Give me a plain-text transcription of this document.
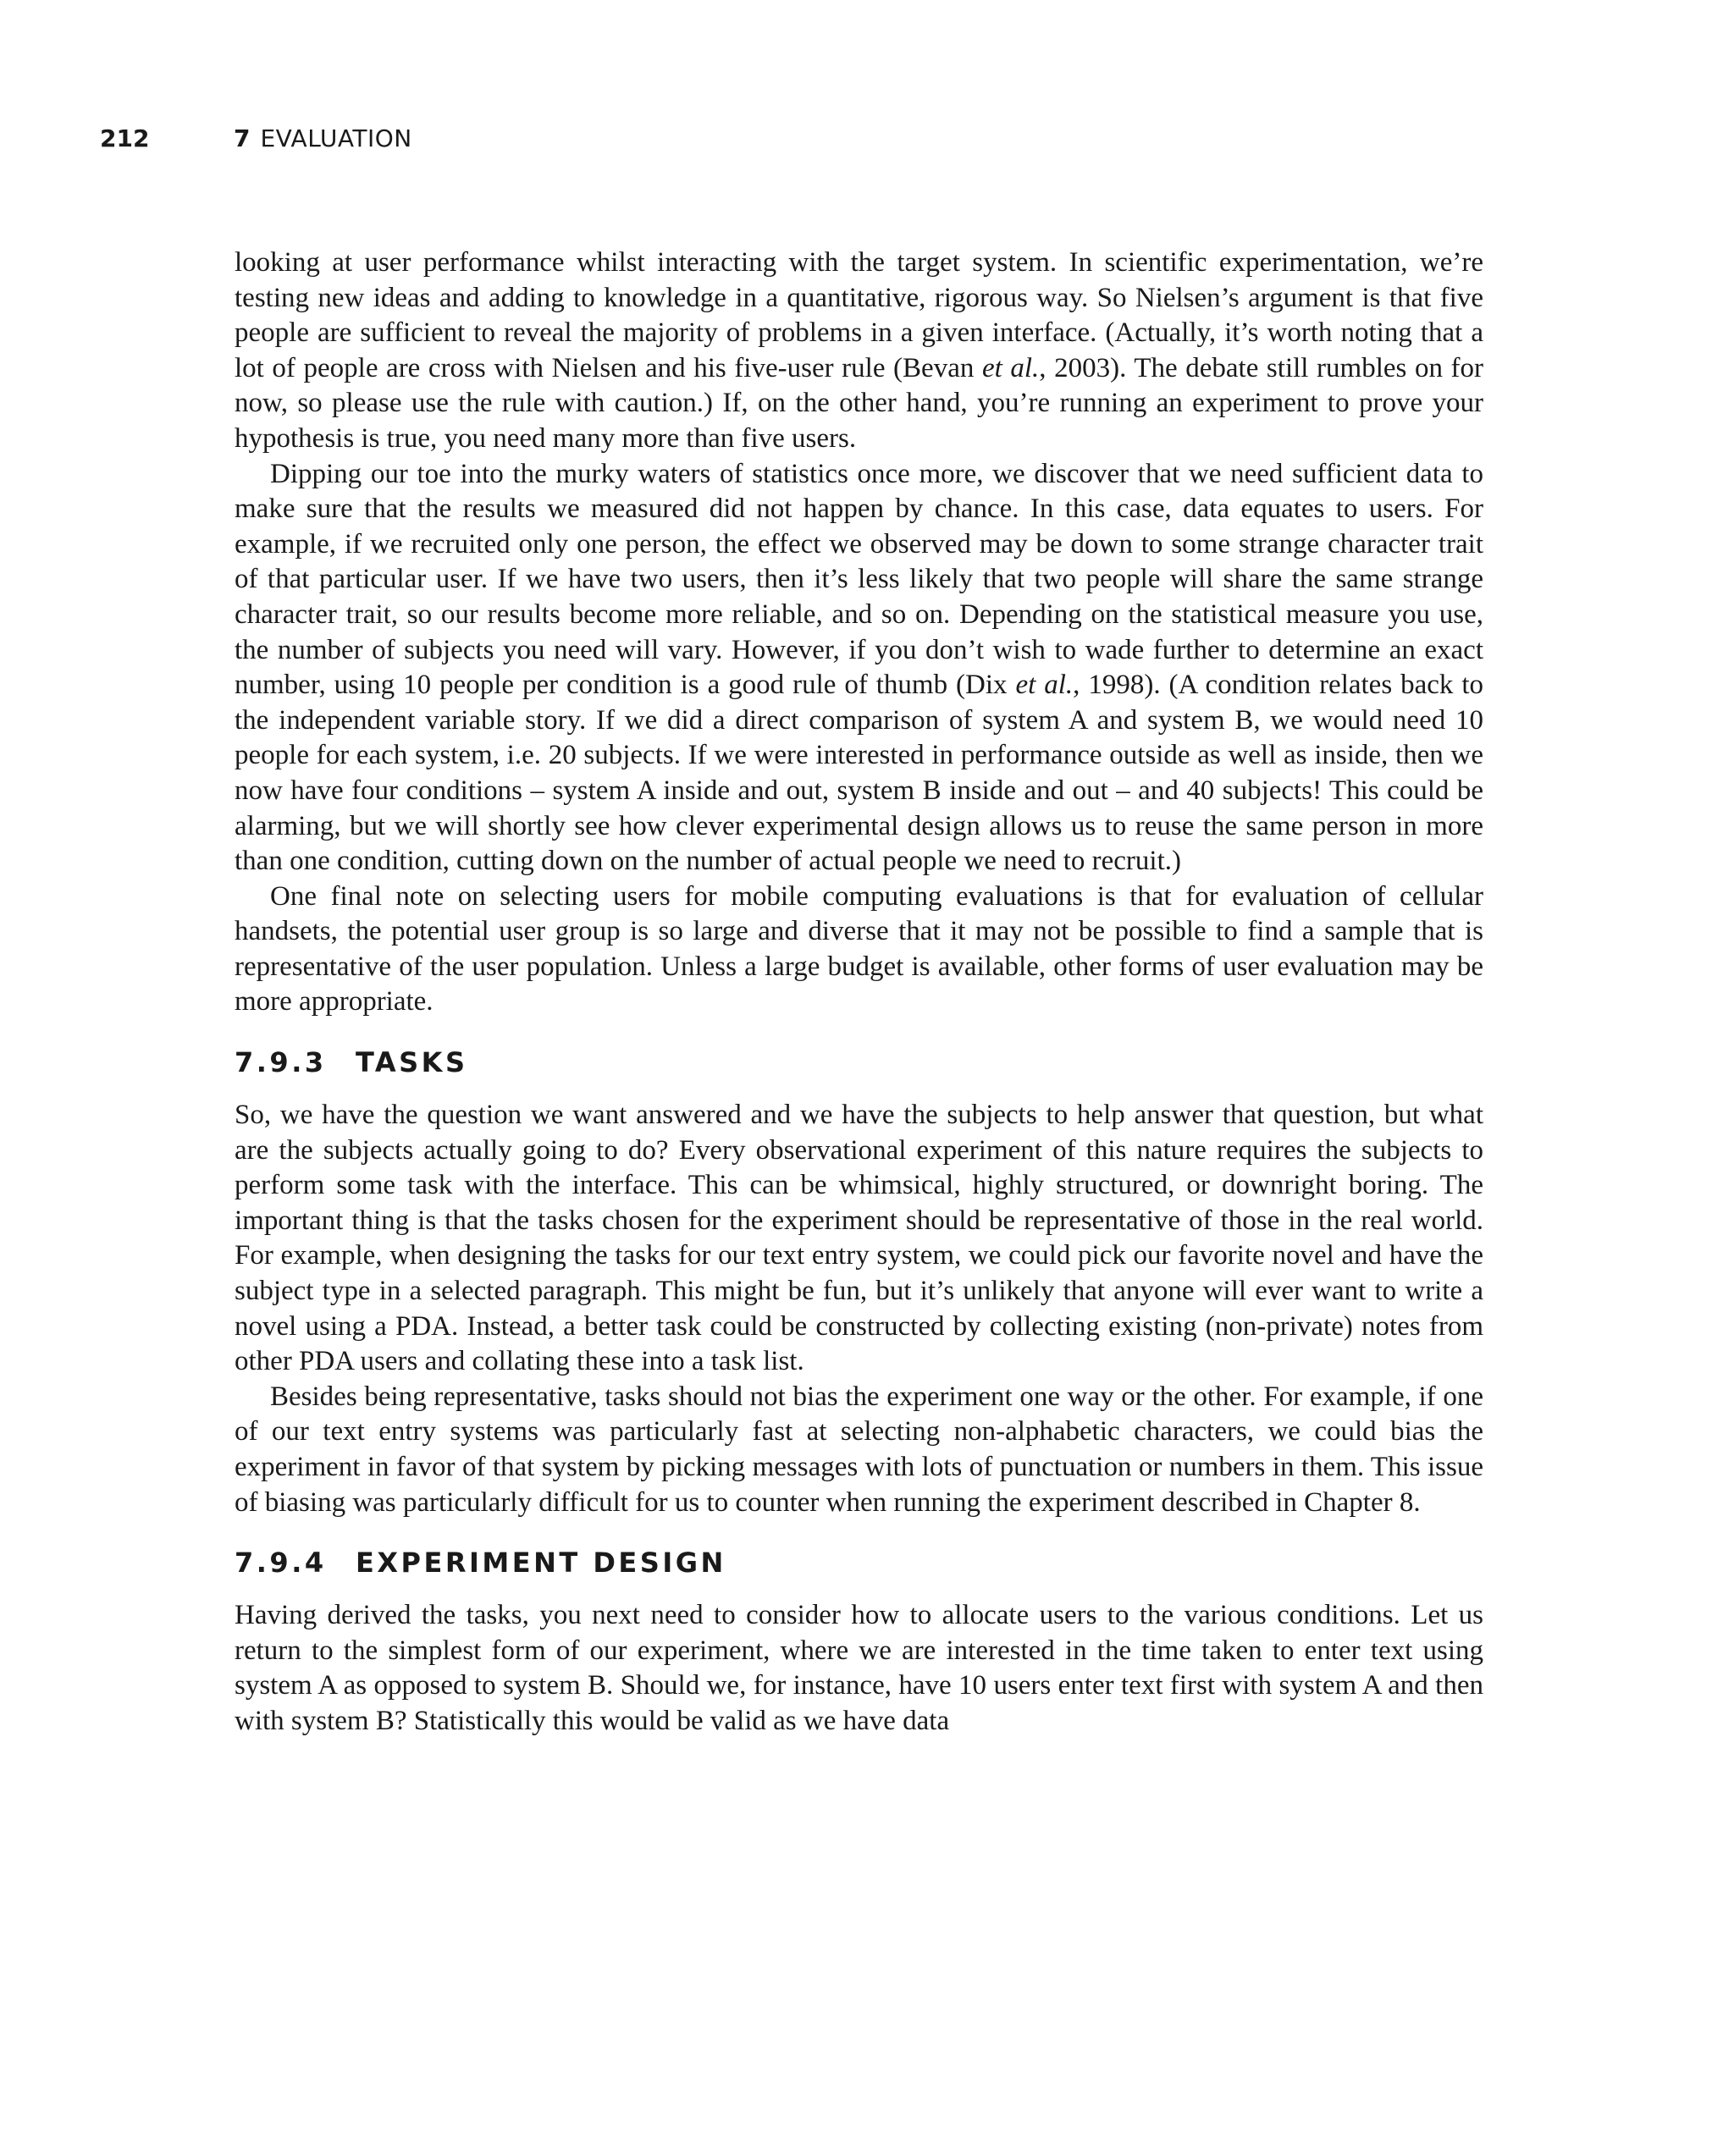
212	7 EVALUATION

looking at user performance whilst interacting with the target system. In scientific experimentation, we’re testing new ideas and adding to knowledge in a quantitative, rigorous way. So Nielsen’s argument is that five people are sufficient to reveal the majority of problems in a given interface. (Actually, it’s worth noting that a lot of people are cross with Nielsen and his five-user rule (Bevan et al., 2003). The debate still rumbles on for now, so please use the rule with caution.) If, on the other hand, you’re running an experiment to prove your hypothesis is true, you need many more than five users.

Dipping our toe into the murky waters of statistics once more, we discover that we need sufficient data to make sure that the results we measured did not happen by chance. In this case, data equates to users. For example, if we recruited only one person, the effect we observed may be down to some strange character trait of that particular user. If we have two users, then it’s less likely that two people will share the same strange character trait, so our results become more reliable, and so on. Depending on the statistical measure you use, the number of subjects you need will vary. However, if you don’t wish to wade further to determine an exact number, using 10 people per condition is a good rule of thumb (Dix et al., 1998). (A condition relates back to the independent variable story. If we did a direct comparison of system A and system B, we would need 10 people for each system, i.e. 20 subjects. If we were interested in performance outside as well as inside, then we now have four conditions – system A inside and out, system B inside and out – and 40 subjects! This could be alarming, but we will shortly see how clever experimental design allows us to reuse the same person in more than one condition, cutting down on the number of actual people we need to recruit.)

One final note on selecting users for mobile computing evaluations is that for evaluation of cellular handsets, the potential user group is so large and diverse that it may not be possible to find a sample that is representative of the user population. Unless a large budget is available, other forms of user evaluation may be more appropriate.

7.9.3 TASKS

So, we have the question we want answered and we have the subjects to help answer that question, but what are the subjects actually going to do? Every observational experiment of this nature requires the subjects to perform some task with the interface. This can be whimsical, highly structured, or downright boring. The important thing is that the tasks chosen for the experiment should be representative of those in the real world. For example, when designing the tasks for our text entry system, we could pick our favorite novel and have the subject type in a selected paragraph. This might be fun, but it’s unlikely that anyone will ever want to write a novel using a PDA. Instead, a better task could be constructed by collecting existing (non-private) notes from other PDA users and collating these into a task list.

Besides being representative, tasks should not bias the experiment one way or the other. For example, if one of our text entry systems was particularly fast at selecting non-alphabetic characters, we could bias the experiment in favor of that system by picking messages with lots of punctuation or numbers in them. This issue of biasing was particularly difficult for us to counter when running the experiment described in Chapter 8.

7.9.4 EXPERIMENT DESIGN

Having derived the tasks, you next need to consider how to allocate users to the various conditions. Let us return to the simplest form of our experiment, where we are interested in the time taken to enter text using system A as opposed to system B. Should we, for instance, have 10 users enter text first with system A and then with system B? Statistically this would be valid as we have data
